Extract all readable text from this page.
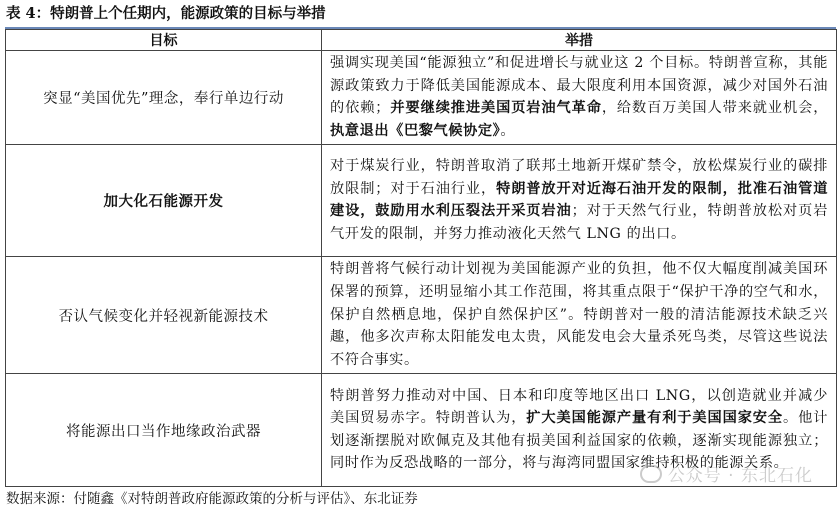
表 4：特朗普上个任期内，能源政策的目标与举措
目标	举措
突显“美国优先”理念，奉行单边行动	强调实现美国“能源独立”和促进增长与就业这 2 个目标。特朗普宣称，其能源政策致力于降低美国能源成本、最大限度利用本国资源，减少对国外石油的依赖；并要继续推进美国页岩油气革命，给数百万美国人带来就业机会，执意退出《巴黎气候协定》。
加大化石能源开发	对于煤炭行业，特朗普取消了联邦土地新开煤矿禁令，放松煤炭行业的碳排放限制；对于石油行业，特朗普放开对近海石油开发的限制，批准石油管道建设，鼓励用水利压裂法开采页岩油；对于天然气行业，特朗普放松对页岩气开发的限制，并努力推动液化天然气 LNG 的出口。
否认气候变化并轻视新能源技术	特朗普将气候行动计划视为美国能源产业的负担，他不仅大幅度削减美国环保署的预算，还明显缩小其工作范围，将其重点限于“保护干净的空气和水，保护自然栖息地，保护自然保护区”。特朗普对一般的清洁能源技术缺乏兴趣，他多次声称太阳能发电太贵，风能发电会大量杀死鸟类，尽管这些说法不符合事实。
将能源出口当作地缘政治武器	特朗普努力推动对中国、日本和印度等地区出口 LNG，以创造就业并减少美国贸易赤字。特朗普认为，扩大美国能源产量有利于美国国家安全。他计划逐渐摆脱对欧佩克及其他有损美国利益国家的依赖，逐渐实现能源独立；同时作为反恐战略的一部分，将与海湾同盟国家维持积极的能源关系。
数据来源：付随鑫《对特朗普政府能源政策的分析与评估》、东北证券
公众号 · 东北石化
